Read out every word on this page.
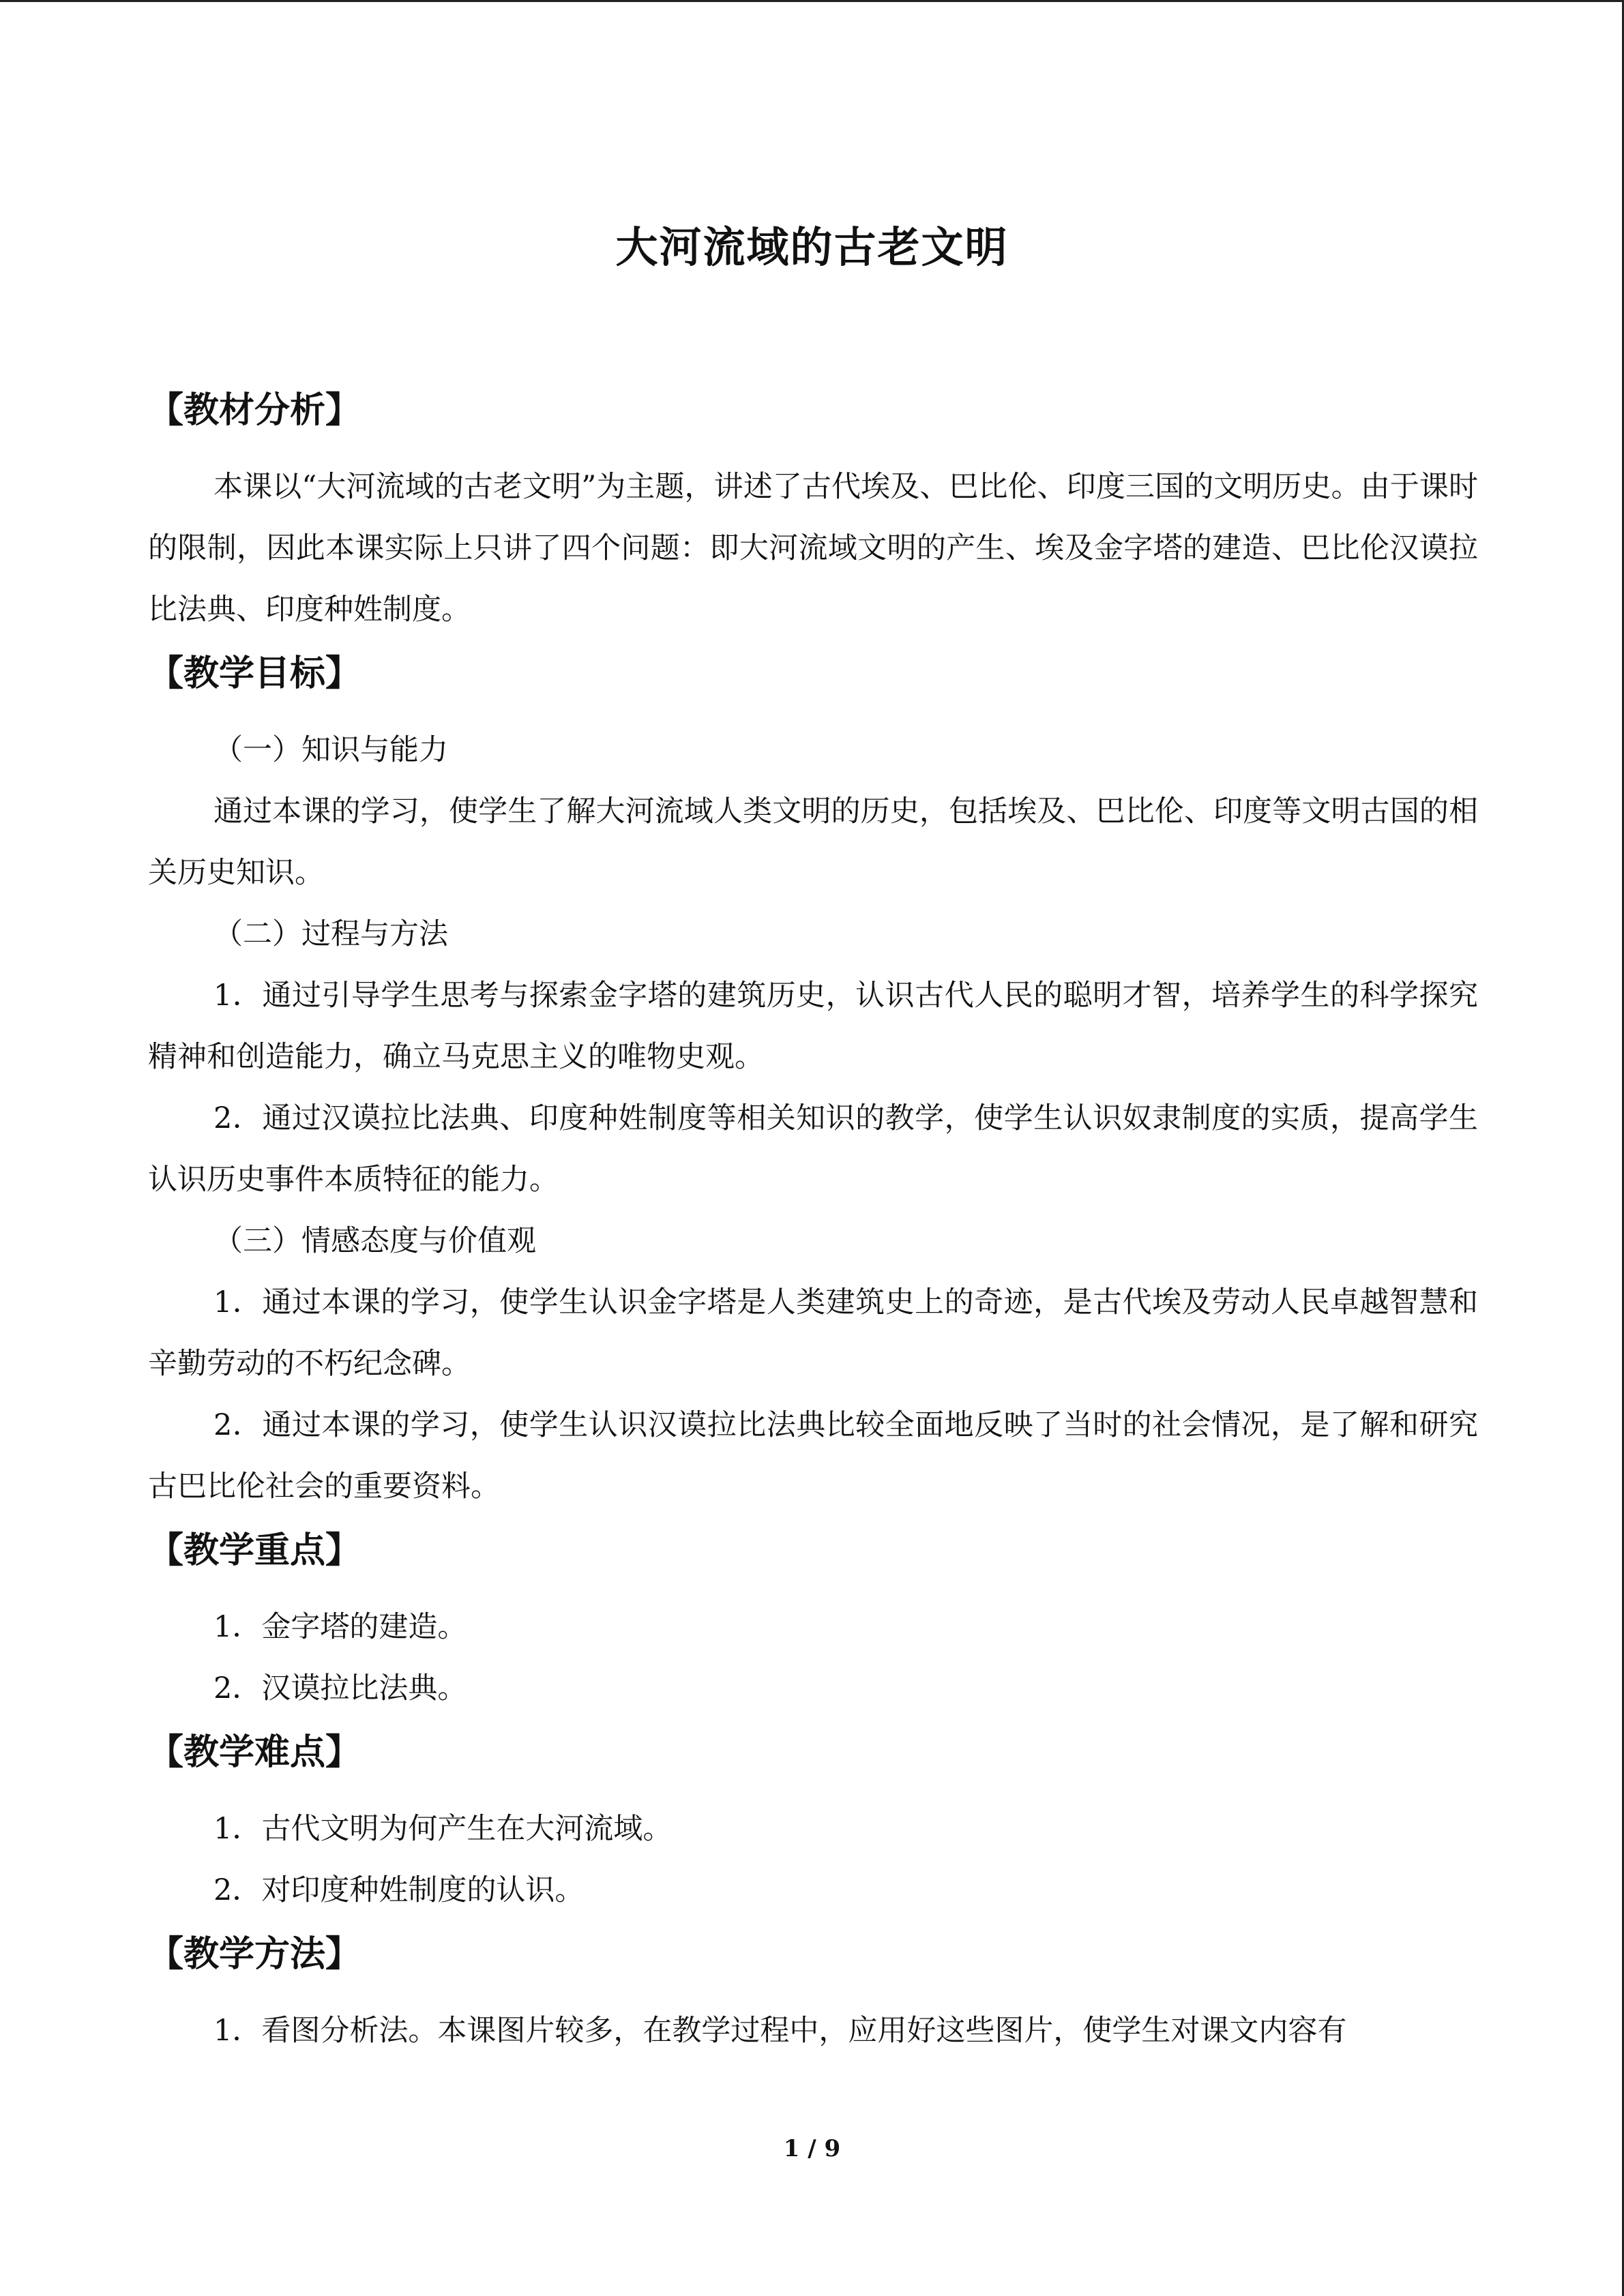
大河流域的古老文明
【教材分析】

本课以“大河流域的古老文明”为主题，讲述了古代埃及、巴比伦、印度三国的文明历史。由于课时的限制，因此本课实际上只讲了四个问题：即大河流域文明的产生、埃及金字塔的建造、巴比伦汉谟拉比法典、印度种姓制度。

【教学目标】

（一）知识与能力

通过本课的学习，使学生了解大河流域人类文明的历史，包括埃及、巴比伦、印度等文明古国的相关历史知识。

（二）过程与方法

1．通过引导学生思考与探索金字塔的建筑历史，认识古代人民的聪明才智，培养学生的科学探究精神和创造能力，确立马克思主义的唯物史观。

2．通过汉谟拉比法典、印度种姓制度等相关知识的教学，使学生认识奴隶制度的实质，提高学生认识历史事件本质特征的能力。

（三）情感态度与价值观

1．通过本课的学习，使学生认识金字塔是人类建筑史上的奇迹，是古代埃及劳动人民卓越智慧和辛勤劳动的不朽纪念碑。

2．通过本课的学习，使学生认识汉谟拉比法典比较全面地反映了当时的社会情况，是了解和研究古巴比伦社会的重要资料。

【教学重点】

1．金字塔的建造。

2．汉谟拉比法典。

【教学难点】

1．古代文明为何产生在大河流域。

2．对印度种姓制度的认识。

【教学方法】

1．看图分析法。本课图片较多，在教学过程中，应用好这些图片，使学生对课文内容有

1 / 9
